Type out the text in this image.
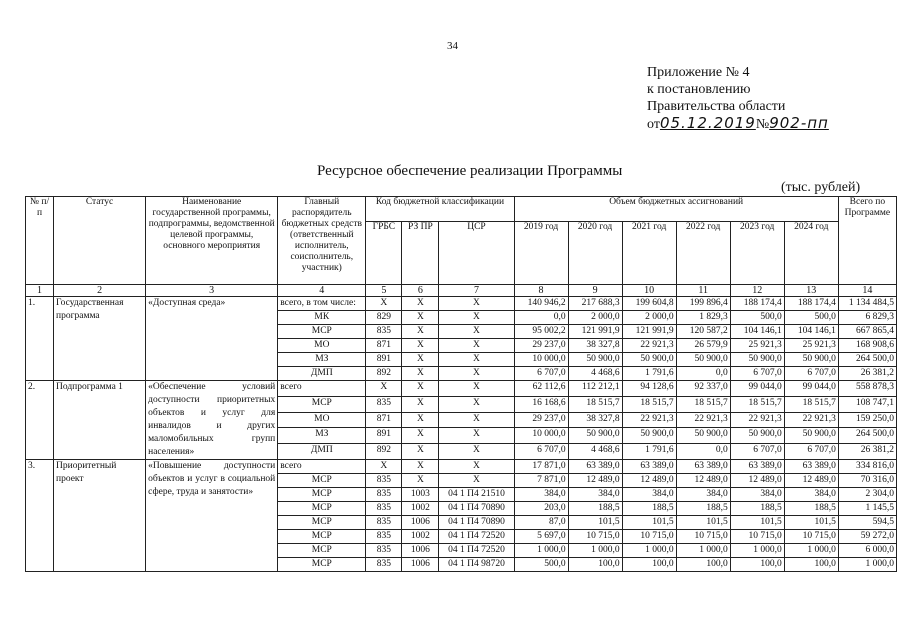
34
Приложение № 4
к постановлению
Правительства области
от05.12.2019№902-пп
Ресурсное обеспечение реализации Программы
(тыс. рублей)
№ п/п	Статус	Наименование государственной программы, подпрограммы, ведомственной целевой программы, основного мероприятия	Главный распорядитель бюджетных средств (ответственный исполнитель, соисполнитель, участник)	Код бюджетной классификации			Объем бюджетных ассигнований						Всего по Программе
				ГРБС	РЗ ПР	ЦСР	2019 год	2020 год	2021 год	2022 год	2023 год	2024 год	
1	2	3	4	5	6	7	8	9	10	11	12	13	14
1.	Государственная программа	«Доступная среда»	всего, в том числе:	Х	Х	Х	140 946,2	217 688,3	199 604,8	199 896,4	188 174,4	188 174,4	1 134 484,5
			МК	829	Х	Х	0,0	2 000,0	2 000,0	1 829,3	500,0	500,0	6 829,3
			МСР	835	Х	Х	95 002,2	121 991,9	121 991,9	120 587,2	104 146,1	104 146,1	667 865,4
			МО	871	Х	Х	29 237,0	38 327,8	22 921,3	26 579,9	25 921,3	25 921,3	168 908,6
			МЗ	891	Х	Х	10 000,0	50 900,0	50 900,0	50 900,0	50 900,0	50 900,0	264 500,0
			ДМП	892	Х	Х	6 707,0	4 468,6	1 791,6	0,0	6 707,0	6 707,0	26 381,2
2.	Подпрограмма 1	«Обеспечение условий доступности приоритетных объектов и услуг для инвалидов и других маломобильных групп населения»	всего	Х	Х	Х	62 112,6	112 212,1	94 128,6	92 337,0	99 044,0	99 044,0	558 878,3
			МСР	835	Х	Х	16 168,6	18 515,7	18 515,7	18 515,7	18 515,7	18 515,7	108 747,1
			МО	871	Х	Х	29 237,0	38 327,8	22 921,3	22 921,3	22 921,3	22 921,3	159 250,0
			МЗ	891	Х	Х	10 000,0	50 900,0	50 900,0	50 900,0	50 900,0	50 900,0	264 500,0
			ДМП	892	Х	Х	6 707,0	4 468,6	1 791,6	0,0	6 707,0	6 707,0	26 381,2
3.	Приоритетный проект	«Повышение доступности объектов и услуг в социальной сфере, труда и занятости»	всего	Х	Х	Х	17 871,0	63 389,0	63 389,0	63 389,0	63 389,0	63 389,0	334 816,0
			МСР	835	Х	Х	7 871,0	12 489,0	12 489,0	12 489,0	12 489,0	12 489,0	70 316,0
			МСР	835	1003	04 1 П4 21510	384,0	384,0	384,0	384,0	384,0	384,0	2 304,0
			МСР	835	1002	04 1 П4 70890	203,0	188,5	188,5	188,5	188,5	188,5	1 145,5
			МСР	835	1006	04 1 П4 70890	87,0	101,5	101,5	101,5	101,5	101,5	594,5
			МСР	835	1002	04 1 П4 72520	5 697,0	10 715,0	10 715,0	10 715,0	10 715,0	10 715,0	59 272,0
			МСР	835	1006	04 1 П4 72520	1 000,0	1 000,0	1 000,0	1 000,0	1 000,0	1 000,0	6 000,0
			МСР	835	1006	04 1 П4 98720	500,0	100,0	100,0	100,0	100,0	100,0	1 000,0
